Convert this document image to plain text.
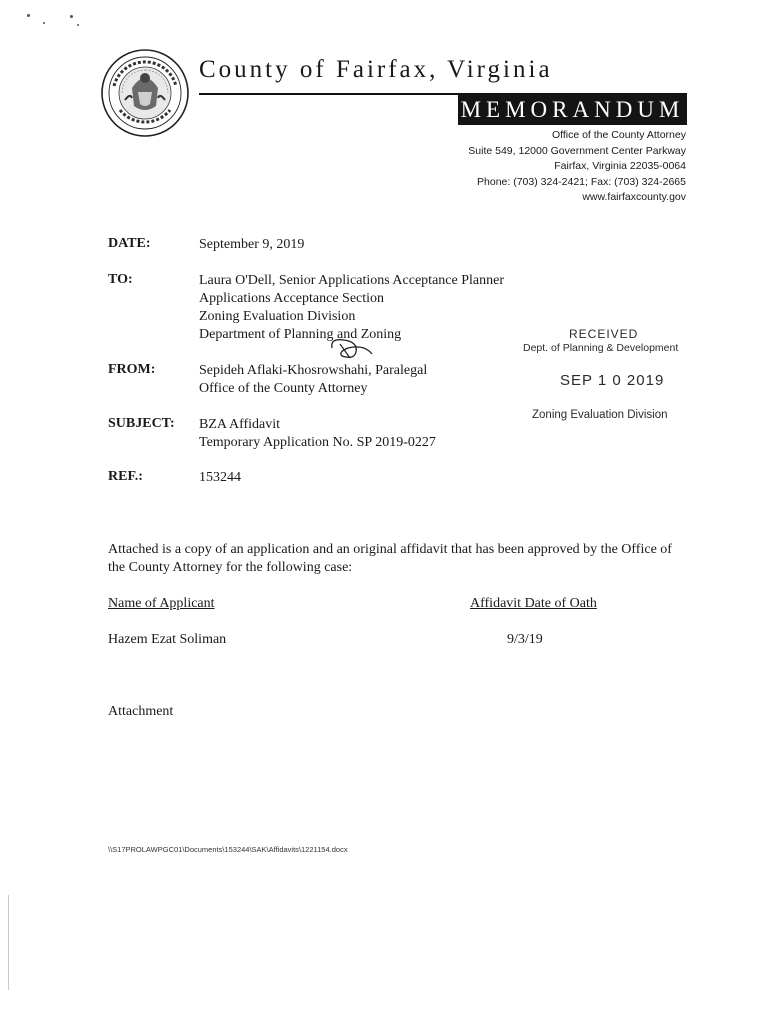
County of Fairfax, Virginia
MEMORANDUM
Office of the County Attorney
Suite 549, 12000 Government Center Parkway
Fairfax, Virginia 22035-0064
Phone: (703) 324-2421; Fax: (703) 324-2665
www.fairfaxcounty.gov
DATE:	September 9, 2019
TO:	Laura O'Dell, Senior Applications Acceptance Planner
Applications Acceptance Section
Zoning Evaluation Division
Department of Planning and Zoning
FROM:	Sepideh Aflaki-Khosrowshahi, Paralegal
Office of the County Attorney
SUBJECT: BZA Affidavit
Temporary Application No. SP 2019-0227
REF.:	153244
RECEIVED
Dept. of Planning & Development
SEP 1 0 2019
Zoning Evaluation Division
Attached is a copy of an application and an original affidavit that has been approved by the Office of the County Attorney for the following case:
Name of Applicant	Affidavit Date of Oath
Hazem Ezat Soliman	9/3/19
Attachment
\\S17PROLAWPGC01\Documents\153244\SAK\Affidavits\1221154.docx
